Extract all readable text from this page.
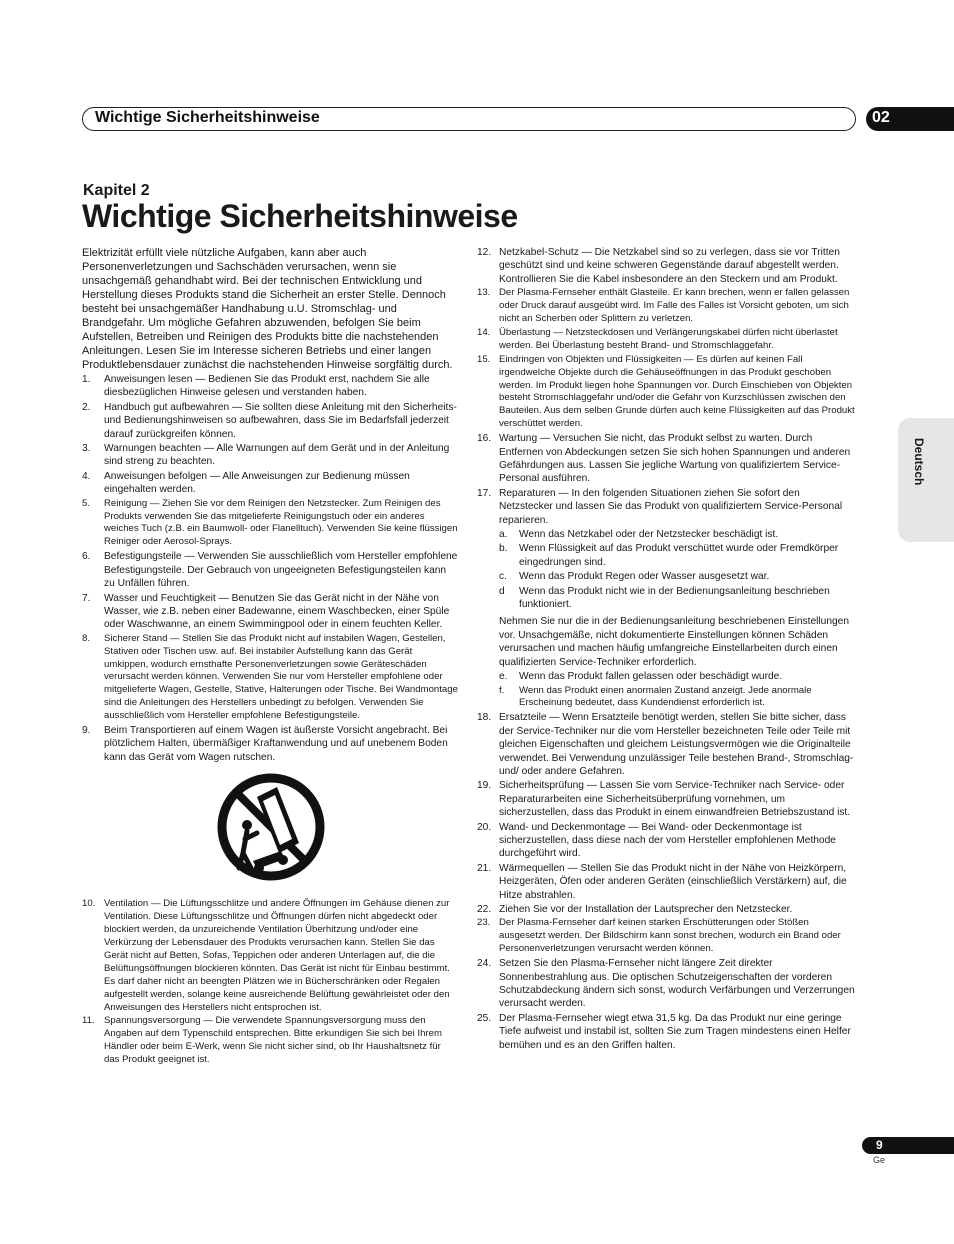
Wichtige Sicherheitshinweise	02
Kapitel 2
Wichtige Sicherheitshinweise

Elektrizität erfüllt viele nützliche Aufgaben, kann aber auch Personenverletzungen und Sachschäden verursachen, wenn sie unsachgemäß gehandhabt wird. Bei der technischen Entwicklung und Herstellung dieses Produkts stand die Sicherheit an erster Stelle. Dennoch besteht bei unsachgemäßer Handhabung u.U. Stromschlag- und Brandgefahr. Um mögliche Gefahren abzuwenden, befolgen Sie beim Aufstellen, Betreiben und Reinigen des Produkts bitte die nachstehenden Anleitungen. Lesen Sie im Interesse sicheren Betriebs und einer langen Produktlebensdauer zunächst die nachstehenden Hinweise sorgfältig durch.

1. Anweisungen lesen — Bedienen Sie das Produkt erst, nachdem Sie alle diesbezüglichen Hinweise gelesen und verstanden haben.
2. Handbuch gut aufbewahren — Sie sollten diese Anleitung mit den Sicherheits- und Bedienungshinweisen so aufbewahren, dass Sie im Bedarfsfall jederzeit darauf zurückgreifen können.
3. Warnungen beachten — Alle Warnungen auf dem Gerät und in der Anleitung sind streng zu beachten.
4. Anweisungen befolgen — Alle Anweisungen zur Bedienung müssen eingehalten werden.
5. Reinigung — Ziehen Sie vor dem Reinigen den Netzstecker. Zum Reinigen des Produkts verwenden Sie das mitgelieferte Reinigungstuch oder ein anderes weiches Tuch (z.B. ein Baumwoll- oder Flanelltuch). Verwenden Sie keine flüssigen Reiniger oder Aerosol-Sprays.
6. Befestigungsteile — Verwenden Sie ausschließlich vom Hersteller empfohlene Befestigungsteile. Der Gebrauch von ungeeigneten Befestigungsteilen kann zu Unfällen führen.
7. Wasser und Feuchtigkeit — Benutzen Sie das Gerät nicht in der Nähe von Wasser, wie z.B. neben einer Badewanne, einem Waschbecken, einer Spüle oder Waschwanne, an einem Swimmingpool oder in einem feuchten Keller.
8. Sicherer Stand — Stellen Sie das Produkt nicht auf instabilen Wagen, Gestellen, Stativen oder Tischen usw. auf. Bei instabiler Aufstellung kann das Gerät umkippen, wodurch ernsthafte Personenverletzungen sowie Geräteschäden verursacht werden können. Verwenden Sie nur vom Hersteller empfohlene oder mitgelieferte Wagen, Gestelle, Stative, Halterungen oder Tische. Bei Wandmontage sind die Anleitungen des Herstellers unbedingt zu befolgen. Verwenden Sie ausschließlich vom Hersteller empfohlene Befestigungsteile.
9. Beim Transportieren auf einem Wagen ist äußerste Vorsicht angebracht. Bei plötzlichem Halten, übermäßiger Kraftanwendung und auf unebenem Boden kann das Gerät vom Wagen rutschen.
10. Ventilation — Die Lüftungsschlitze und andere Öffnungen im Gehäuse dienen zur Ventilation. Diese Lüftungsschlitze und Öffnungen dürfen nicht abgedeckt oder blockiert werden, da unzureichende Ventilation Überhitzung und/oder eine Verkürzung der Lebensdauer des Produkts verursachen kann. Stellen Sie das Gerät nicht auf Betten, Sofas, Teppichen oder anderen Unterlagen auf, die die Belüftungsöffnungen blockieren könnten. Das Gerät ist nicht für Einbau bestimmt. Es darf daher nicht an beengten Plätzen wie in Bücherschränken oder Regalen aufgestellt werden, solange keine ausreichende Belüftung gewährleistet oder den Anweisungen des Herstellers nicht entsprochen ist.
11. Spannungsversorgung — Die verwendete Spannungsversorgung muss den Angaben auf dem Typenschild entsprechen. Bitte erkundigen Sie sich bei Ihrem Händler oder beim E-Werk, wenn Sie nicht sicher sind, ob Ihr Haushaltsnetz für das Produkt geeignet ist.
12. Netzkabel-Schutz — Die Netzkabel sind so zu verlegen, dass sie vor Tritten geschützt sind und keine schweren Gegenstände darauf abgestellt werden. Kontrollieren Sie die Kabel insbesondere an den Steckern und am Produkt.
13. Der Plasma-Fernseher enthält Glasteile. Er kann brechen, wenn er fallen gelassen oder Druck darauf ausgeübt wird. Im Falle des Falles ist Vorsicht geboten, um sich nicht an Scherben oder Splittern zu verletzen.
14. Überlastung — Netzsteckdosen und Verlängerungskabel dürfen nicht überlastet werden. Bei Überlastung besteht Brand- und Stromschlaggefahr.
15. Eindringen von Objekten und Flüssigkeiten — Es dürfen auf keinen Fall irgendwelche Objekte durch die Gehäuseöffnungen in das Produkt geschoben werden. Im Produkt liegen hohe Spannungen vor. Durch Einschieben von Objekten besteht Stromschlaggefahr und/oder die Gefahr von Kurzschlüssen zwischen den Bauteilen. Aus dem selben Grunde dürfen auch keine Flüssigkeiten auf das Produkt verschüttet werden.
16. Wartung — Versuchen Sie nicht, das Produkt selbst zu warten. Durch Entfernen von Abdeckungen setzen Sie sich hohen Spannungen und anderen Gefährdungen aus. Lassen Sie jegliche Wartung von qualifiziertem Service-Personal ausführen.
17. Reparaturen — In den folgenden Situationen ziehen Sie sofort den Netzstecker und lassen Sie das Produkt von qualifiziertem Service-Personal reparieren.
a. Wenn das Netzkabel oder der Netzstecker beschädigt ist.
b. Wenn Flüssigkeit auf das Produkt verschüttet wurde oder Fremdkörper eingedrungen sind.
c. Wenn das Produkt Regen oder Wasser ausgesetzt war.
d Wenn das Produkt nicht wie in der Bedienungsanleitung beschrieben funktioniert.

Nehmen Sie nur die in der Bedienungsanleitung beschriebenen Einstellungen vor. Unsachgemäße, nicht dokumentierte Einstellungen können Schäden verursachen und machen häufig umfangreiche Einstellarbeiten durch einen qualifizierten Service-Techniker erforderlich.

e. Wenn das Produkt fallen gelassen oder beschädigt wurde.
f. Wenn das Produkt einen anormalen Zustand anzeigt. Jede anormale Erscheinung bedeutet, dass Kundendienst erforderlich ist.
18. Ersatzteile — Wenn Ersatzteile benötigt werden, stellen Sie bitte sicher, dass der Service-Techniker nur die vom Hersteller bezeichneten Teile oder Teile mit gleichen Eigenschaften und gleichem Leistungsvermögen wie die Originalteile verwendet. Bei Verwendung unzulässiger Teile bestehen Brand-, Stromschlag- und/ oder andere Gefahren.
19. Sicherheitsprüfung — Lassen Sie vom Service-Techniker nach Service- oder Reparaturarbeiten eine Sicherheitsüberprüfung vornehmen, um sicherzustellen, dass das Produkt in einem einwandfreien Betriebszustand ist.
20. Wand- und Deckenmontage — Bei Wand- oder Deckenmontage ist sicherzustellen, dass diese nach der vom Hersteller empfohlenen Methode durchgeführt wird.
21. Wärmequellen — Stellen Sie das Produkt nicht in der Nähe von Heizkörpern, Heizgeräten, Öfen oder anderen Geräten (einschließlich Verstärkern) auf, die Hitze abstrahlen.
22. Ziehen Sie vor der Installation der Lautsprecher den Netzstecker.
23. Der Plasma-Fernseher darf keinen starken Erschütterungen oder Stößen ausgesetzt werden. Der Bildschirm kann sonst brechen, wodurch ein Brand oder Personenverletzungen verursacht werden können.
24. Setzen Sie den Plasma-Fernseher nicht längere Zeit direkter Sonnenbestrahlung aus. Die optischen Schutzeigenschaften der vorderen Schutzabdeckung ändern sich sonst, wodurch Verfärbungen und Verzerrungen verursacht werden.
25. Der Plasma-Fernseher wiegt etwa 31,5 kg. Da das Produkt nur eine geringe Tiefe aufweist und instabil ist, sollten Sie zum Tragen mindestens einen Helfer bemühen und es an den Griffen halten.
Deutsch
9
Ge
